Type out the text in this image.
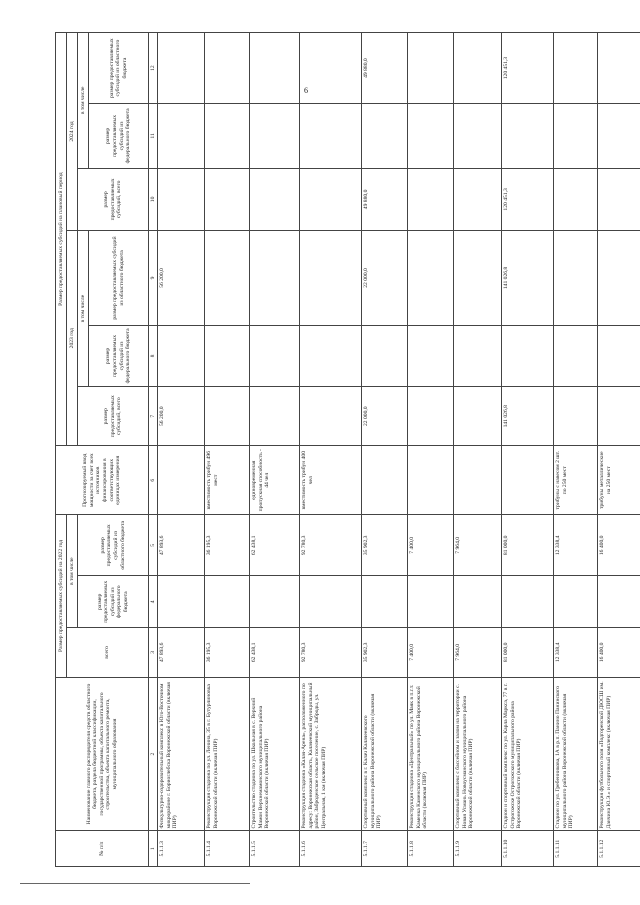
6
№ п/п	Наименование главного распорядителя средств областного бюджета, раздела бюджетной классификации, государственной программы, объекта капитального строительства, объекта капитального ремонта, муниципального образования	Размер предоставляемых субсидий на 2022 год			Прогнозируемый ввод мощности за счет всех источников финансирования в соответствующих единицах измерения	Размер предоставляемых субсидий на плановый период					
		всего	в том числе			2023 год			2024 год		
			размер предоставляемых субсидий из федерального бюджета	размер предоставляемых субсидий из областного бюджета		размер предоставляемых субсидий, всего	в том числе		размер предоставляемых субсидий, всего	в том числе	
							размер предоставляемых субсидий из федерального бюджета	размер предоставляемых субсидий из областного бюджета		размер предоставляемых субсидий из федерального бюджета	размер предоставляемых субсидий из областного бюджета
1	2	3	4	5	6	7	8	9	10	11	12
5.1.1.3	Физкультурно-оздоровительный комплекс в Юго-Восточном микрорайоне г. Бориоглебска Воронежской области (включая ПИР)	47 893,6		47 893,6		56 200,0		56 200,0			
5.1.1.4	Реконструкция стадиона по ул. Ленина, 35 в г. Бутурлиновка Воронежской области (включая ПИР)	36 195,3		36 195,3	вместимость трибун 496 мест						
5.1.1.5	Строительство стадиона по ул. Школьная в с. Верхний Мамон Верхнемамонского муниципального района Воронежской области (включая ПИР)	62 438,1		62 438,1	единовременная пропускная способность - 44 чел						
5.1.1.6	Реконструкция стадиона «Калач-Арена», расположенного по адресу: Воронежская область, Калачеевский муниципальный район, Заброденское сельское поселение, с. Заброды, ул. Центральная, 1 км (включая ПИР)	92 780,3		92 780,3	вместимость трибун 400 чел						
5.1.1.7	Спортивный комплекс в г. Калач Калачеевского муниципального района Воронежской области (включая ПИР)	35 902,3		35 902,3		22 000,0		22 000,0	49 880,0		49 880,0
5.1.1.8	Реконструкция стадиона «Центральный» по ул. Маяк в п.г.т. Каменка Каменского муниципального района Воронежской области (включая ПИР)	7 400,0		7 400,0							
5.1.1.9	Спортивный комплекс с бассейном и залом на территории с. Новая Усмань Новоусманского муниципального района Воронежской области (включая ПИР)	7 964,0		7 964,0							
5.1.1.10	Стадион и спортивный комплекс по ул. Карла Маркса, 77 в г. Острогожске Острогожского муниципального района Воронежской области (включая ПИР)	81 000,0		81 000,0		141 026,8		141 026,8	120 451,3		120 451,3
5.1.1.11	Стадион по ул. Гребенникова, 1А в р.п. Панино Панинского муниципального района Воронежской области (включая ПИР)	12 338,4		12 338,4	трибуны с навесом 2 шт. по 250 мест						
5.1.1.12	Реконструкция футбольного поля «Подгоренской ДЮСШ им. Данчина Ю.Э.» и спортивный комплекс (включая ПИР)	16 400,0		16 400,0	трибуны металлические на 250 мест						
